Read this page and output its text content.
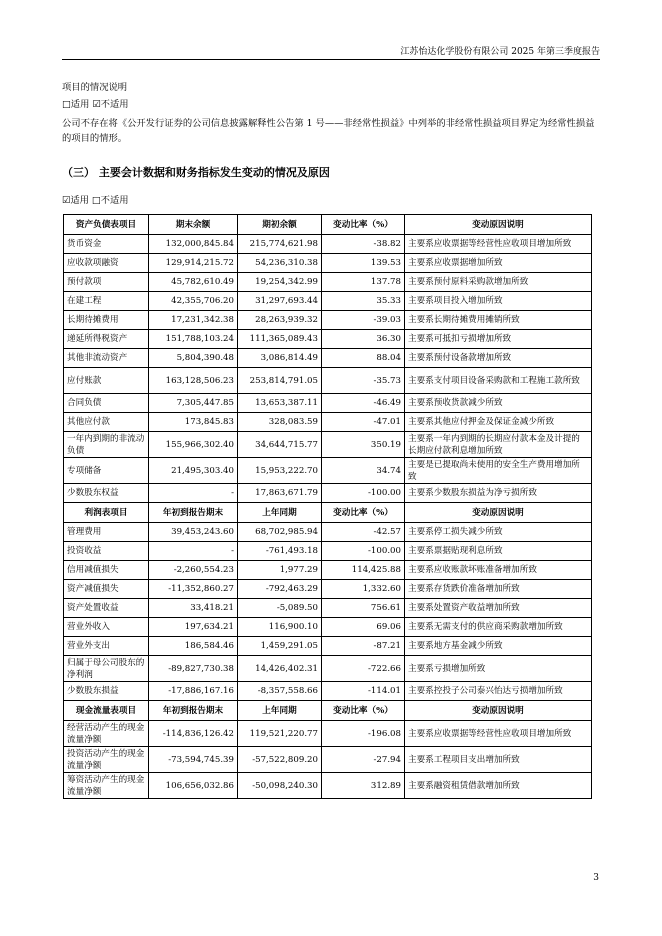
江苏怡达化学股份有限公司 2025 年第三季度报告
项目的情况说明
□适用 ☑不适用
公司不存在将《公开发行证券的公司信息披露解释性公告第 1 号——非经常性损益》中列举的非经常性损益项目界定为经常性损益的项目的情形。
（三） 主要会计数据和财务指标发生变动的情况及原因
☑适用 □不适用
资产负债表项目	期末余额	期初余额	变动比率（%）	变动原因说明
货币资金	132,000,845.84	215,774,621.98	-38.82	主要系应收票据等经营性应收项目增加所致
应收款项融资	129,914,215.72	54,236,310.38	139.53	主要系应收票据增加所致
预付款项	45,782,610.49	19,254,342.99	137.78	主要系预付原料采购款增加所致
在建工程	42,355,706.20	31,297,693.44	35.33	主要系项目投入增加所致
长期待摊费用	17,231,342.38	28,263,939.32	-39.03	主要系长期待摊费用摊销所致
递延所得税资产	151,788,103.24	111,365,089.43	36.30	主要系可抵扣亏损增加所致
其他非流动资产	5,804,390.48	3,086,814.49	88.04	主要系预付设备款增加所致
应付账款	163,128,506.23	253,814,791.05	-35.73	主要系支付项目设备采购款和工程施工款所致
合同负债	7,305,447.85	13,653,387.11	-46.49	主要系预收货款减少所致
其他应付款	173,845.83	328,083.59	-47.01	主要系其他应付押金及保证金减少所致
一年内到期的非流动负债	155,966,302.40	34,644,715.77	350.19	主要系一年内到期的长期应付款本金及计提的长期应付款利息增加所致
专项储备	21,495,303.40	15,953,222.70	34.74	主要是已提取尚未使用的安全生产费用增加所致
少数股东权益	-	17,863,671.79	-100.00	主要系少数股东损益为净亏损所致
利润表项目	年初到报告期末	上年同期	变动比率（%）	变动原因说明
管理费用	39,453,243.60	68,702,985.94	-42.57	主要系停工损失减少所致
投资收益	-	-761,493.18	-100.00	主要系票据贴现利息所致
信用减值损失	-2,260,554.23	1,977.29	114,425.88	主要系应收账款坏账准备增加所致
资产减值损失	-11,352,860.27	-792,463.29	1,332.60	主要系存货跌价准备增加所致
资产处置收益	33,418.21	-5,089.50	756.61	主要系处置资产收益增加所致
营业外收入	197,634.21	116,900.10	69.06	主要系无需支付的供应商采购款增加所致
营业外支出	186,584.46	1,459,291.05	-87.21	主要系地方基金减少所致
归属于母公司股东的净利润	-89,827,730.38	14,426,402.31	-722.66	主要系亏损增加所致
少数股东损益	-17,886,167.16	-8,357,558.66	-114.01	主要系控投子公司泰兴怡达亏损增加所致
现金流量表项目	年初到报告期末	上年同期	变动比率（%）	变动原因说明
经营活动产生的现金流量净额	-114,836,126.42	119,521,220.77	-196.08	主要系应收票据等经营性应收项目增加所致
投资活动产生的现金流量净额	-73,594,745.39	-57,522,809.20	-27.94	主要系工程项目支出增加所致
筹资活动产生的现金流量净额	106,656,032.86	-50,098,240.30	312.89	主要系融资租赁借款增加所致
3
